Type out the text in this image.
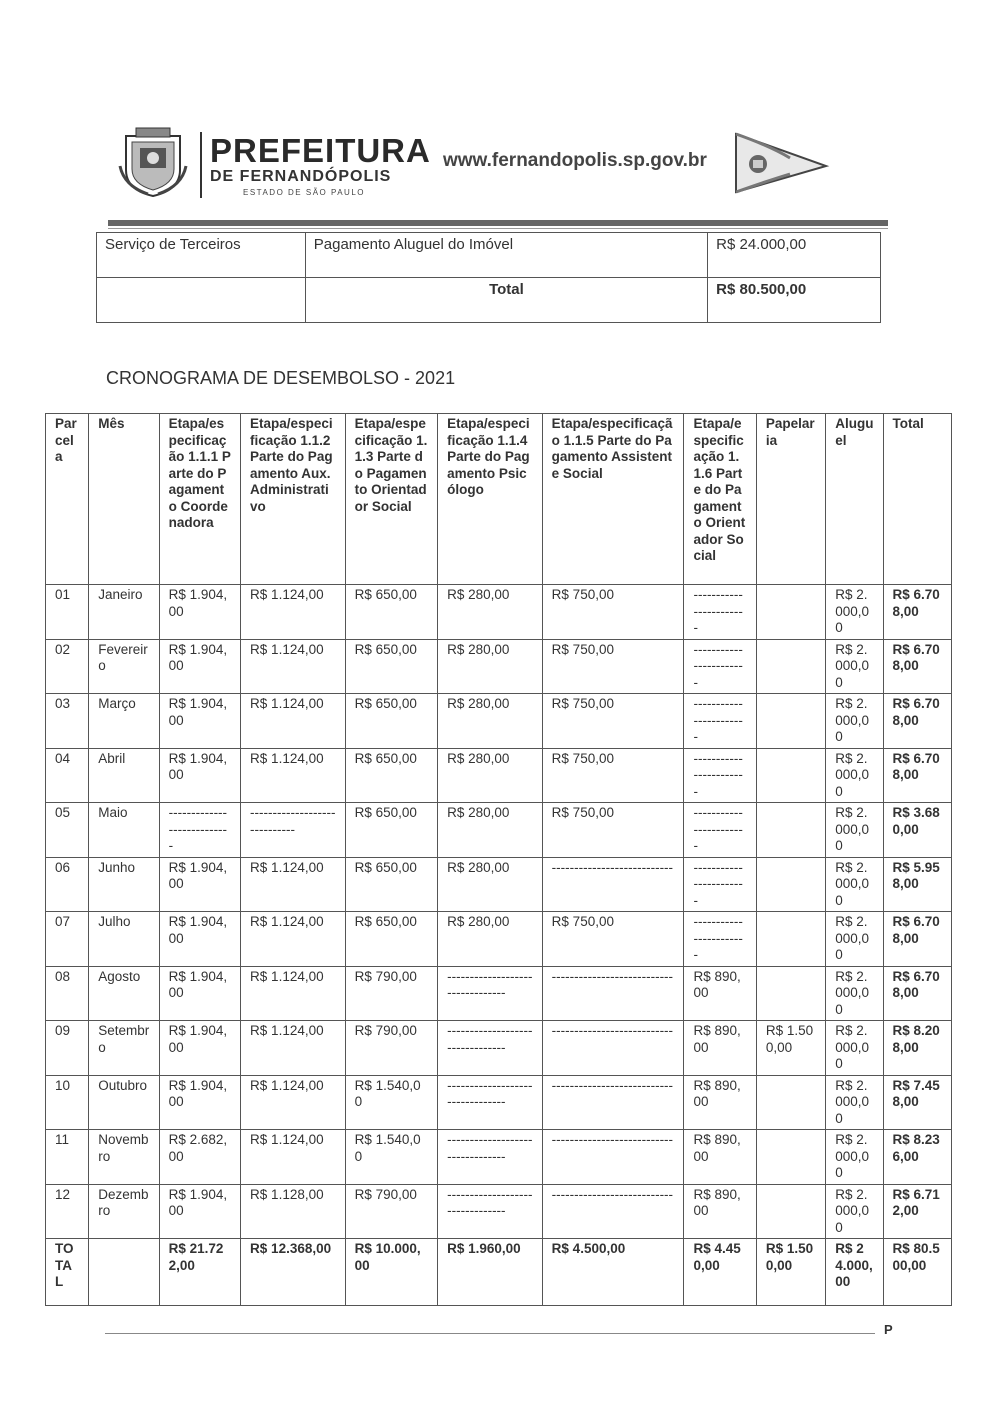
PREFEITURA
DE FERNANDÓPOLIS
ESTADO DE SÃO PAULO
www.fernandopolis.sp.gov.br
Serviço de Terceiros	Pagamento Aluguel do Imóvel	R$ 24.000,00
	Total	R$ 80.500,00
CRONOGRAMA DE DESEMBOLSO - 2021
Parcela	Mês	Etapa/especificação 1.1.1 Parte do Pagamento Coordenadora	Etapa/especificação 1.1.2 Parte do Pagamento Aux. Administrativo	Etapa/especificação 1.1.3 Parte do Pagamento Orientador Social	Etapa/especificação 1.1.4 Parte do Pagamento Psicólogo	Etapa/especificação 1.1.5 Parte do Pagamento Assistente Social	Etapa/especificação 1.1.6 Parte do Pagamento Orientador Social	Papelaria	Aluguel	Total
01	Janeiro	R$ 1.904,00	R$ 1.124,00	R$ 650,00	R$ 280,00	R$ 750,00	-----------------------		R$ 2.000,00	R$ 6.708,00
02	Fevereiro	R$ 1.904,00	R$ 1.124,00	R$ 650,00	R$ 280,00	R$ 750,00	-----------------------		R$ 2.000,00	R$ 6.708,00
03	Março	R$ 1.904,00	R$ 1.124,00	R$ 650,00	R$ 280,00	R$ 750,00	-----------------------		R$ 2.000,00	R$ 6.708,00
04	Abril	R$ 1.904,00	R$ 1.124,00	R$ 650,00	R$ 280,00	R$ 750,00	-----------------------		R$ 2.000,00	R$ 6.708,00
05	Maio	---------------------------	-----------------------------	R$ 650,00	R$ 280,00	R$ 750,00	-----------------------		R$ 2.000,00	R$ 3.680,00
06	Junho	R$ 1.904,00	R$ 1.124,00	R$ 650,00	R$ 280,00	---------------------------	-----------------------		R$ 2.000,00	R$ 5.958,00
07	Julho	R$ 1.904,00	R$ 1.124,00	R$ 650,00	R$ 280,00	R$ 750,00	-----------------------		R$ 2.000,00	R$ 6.708,00
08	Agosto	R$ 1.904,00	R$ 1.124,00	R$ 790,00	--------------------------------	---------------------------	R$ 890,00		R$ 2.000,00	R$ 6.708,00
09	Setembro	R$ 1.904,00	R$ 1.124,00	R$ 790,00	--------------------------------	---------------------------	R$ 890,00	R$ 1.500,00	R$ 2.000,00	R$ 8.208,00
10	Outubro	R$ 1.904,00	R$ 1.124,00	R$ 1.540,00	--------------------------------	---------------------------	R$ 890,00		R$ 2.000,00	R$ 7.458,00
11	Novembro	R$ 2.682,00	R$ 1.124,00	R$ 1.540,00	--------------------------------	---------------------------	R$ 890,00		R$ 2.000,00	R$ 8.236,00
12	Dezembro	R$ 1.904,00	R$ 1.128,00	R$ 790,00	--------------------------------	---------------------------	R$ 890,00		R$ 2.000,00	R$ 6.712,00
TOTAL		R$ 21.722,00	R$ 12.368,00	R$ 10.000,00	R$ 1.960,00	R$ 4.500,00	R$ 4.450,00	R$ 1.500,00	R$ 24.000,00	R$ 80.500,00
P
